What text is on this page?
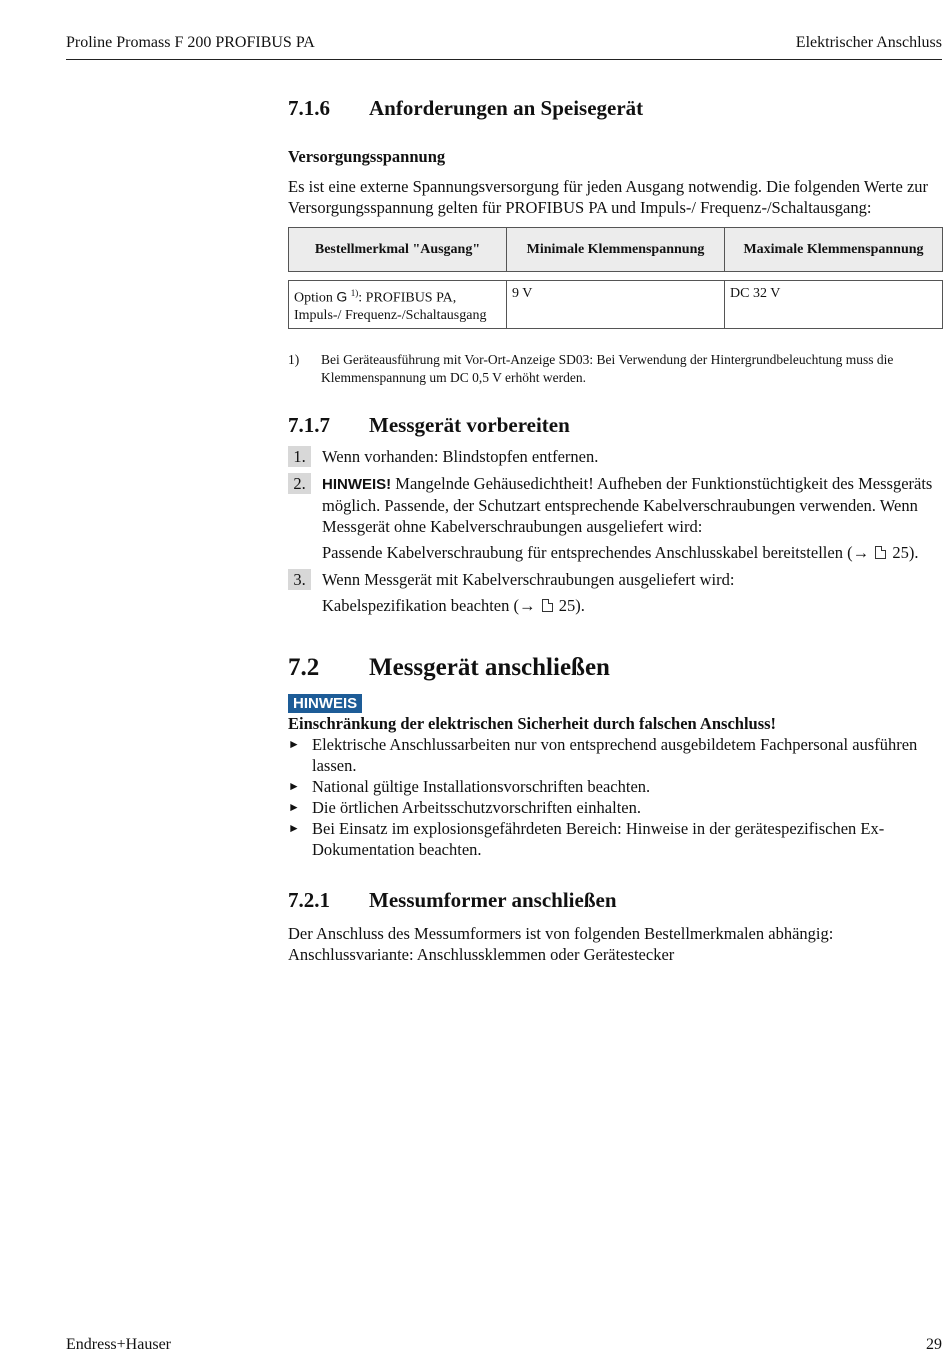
Proline Promass F 200 PROFIBUS PA	Elektrischer Anschluss
7.1.6	Anforderungen an Speisegerät
Versorgungsspannung
Es ist eine externe Spannungsversorgung für jeden Ausgang notwendig. Die folgenden Werte zur Versorgungsspannung gelten für PROFIBUS PA und Impuls-/ Frequenz-/Schaltausgang:
Bestellmerkmal "Ausgang"	Minimale Klemmenspannung	Maximale Klemmenspannung

Option G $^{1)}$: PROFIBUS PA, Impuls-/ Frequenz-/Schaltausgang	9 V	DC 32 V
1)	Bei Geräteausführung mit Vor-Ort-Anzeige SD03: Bei Verwendung der Hintergrundbeleuchtung muss die Klemmenspannung um DC 0,5 V erhöht werden.
7.1.7	Messgerät vorbereiten
1. Wenn vorhanden: Blindstopfen entfernen.
2.	HINWEIS! Mangelnde Gehäusedichtheit! Aufheben der Funktionstüchtigkeit des Messgeräts möglich. Passende, der Schutzart entsprechende Kabelverschraubungen verwenden. Wenn Messgerät ohne Kabelverschraubungen ausgeliefert wird:
Passende Kabelverschraubung für entsprechendes Anschlusskabel bereitstellen (→  25).
3. Wenn Messgerät mit Kabelverschraubungen ausgeliefert wird:
Kabelspezifikation beachten (→  25).
7.2	Messgerät anschließen
HINWEIS
Einschränkung der elektrischen Sicherheit durch falschen Anschluss!
► Elektrische Anschlussarbeiten nur von entsprechend ausgebildetem Fachpersonal ausführen lassen.
► National gültige Installationsvorschriften beachten.
► Die örtlichen Arbeitsschutzvorschriften einhalten.
► Bei Einsatz im explosionsgefährdeten Bereich: Hinweise in der gerätespezifischen Ex-Dokumentation beachten.
7.2.1	Messumformer anschließen
Der Anschluss des Messumformers ist von folgenden Bestellmerkmalen abhängig:
Anschlussvariante: Anschlussklemmen oder Gerätestecker
Endress+Hauser	29
